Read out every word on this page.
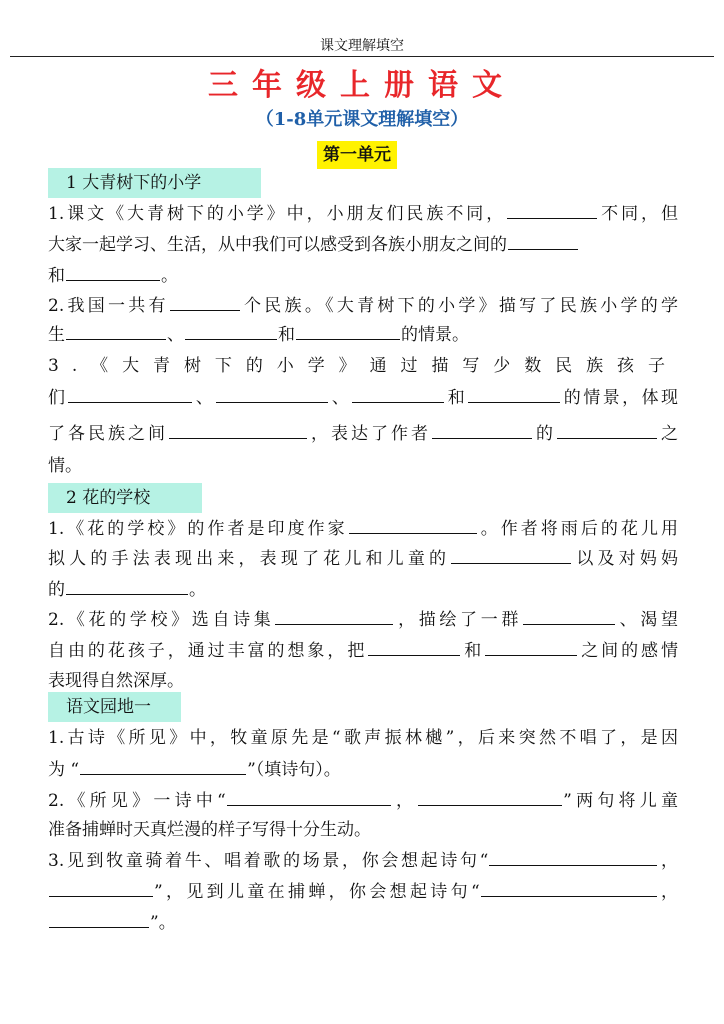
课文理解填空
三年级上册语文
（1-8单元课文理解填空）
第一单元
1 大青树下的小学
1.课文《大青树下的小学》中，小朋友们民族不同，	不同，但
大家一起学习、生活，从中我们可以感受到各族小朋友之间的
和	。
2.我国一共有	个民族。《大青树下的小学》描写了民族小学的学
生	、	和	的情景。
3.《大青树下的小学》通过描写少数民族孩子
们	、	、	和	的情景，体现
了各民族之间	，表达了作者	的	之
情。
2 花的学校
1.《花的学校》的作者是印度作家	。作者将雨后的花儿用
拟人的手法表现出来，表现了花儿和儿童的	以及对妈妈
的	。
2.《花的学校》选自诗集	，描绘了一群	、渴望
自由的花孩子，通过丰富的想象，把	和	之间的感情
表现得自然深厚。
语文园地一
1.古诗《所见》中，牧童原先是“歌声振林樾”，后来突然不唱了，是因
为 “	”（填诗句）。
2.《所见》一诗中“	，	”两句将儿童
准备捕蝉时天真烂漫的样子写得十分生动。
3.见到牧童骑着牛、唱着歌的场景，你会想起诗句“	，
”，见到儿童在捕蝉，你会想起诗句“	，
”。
